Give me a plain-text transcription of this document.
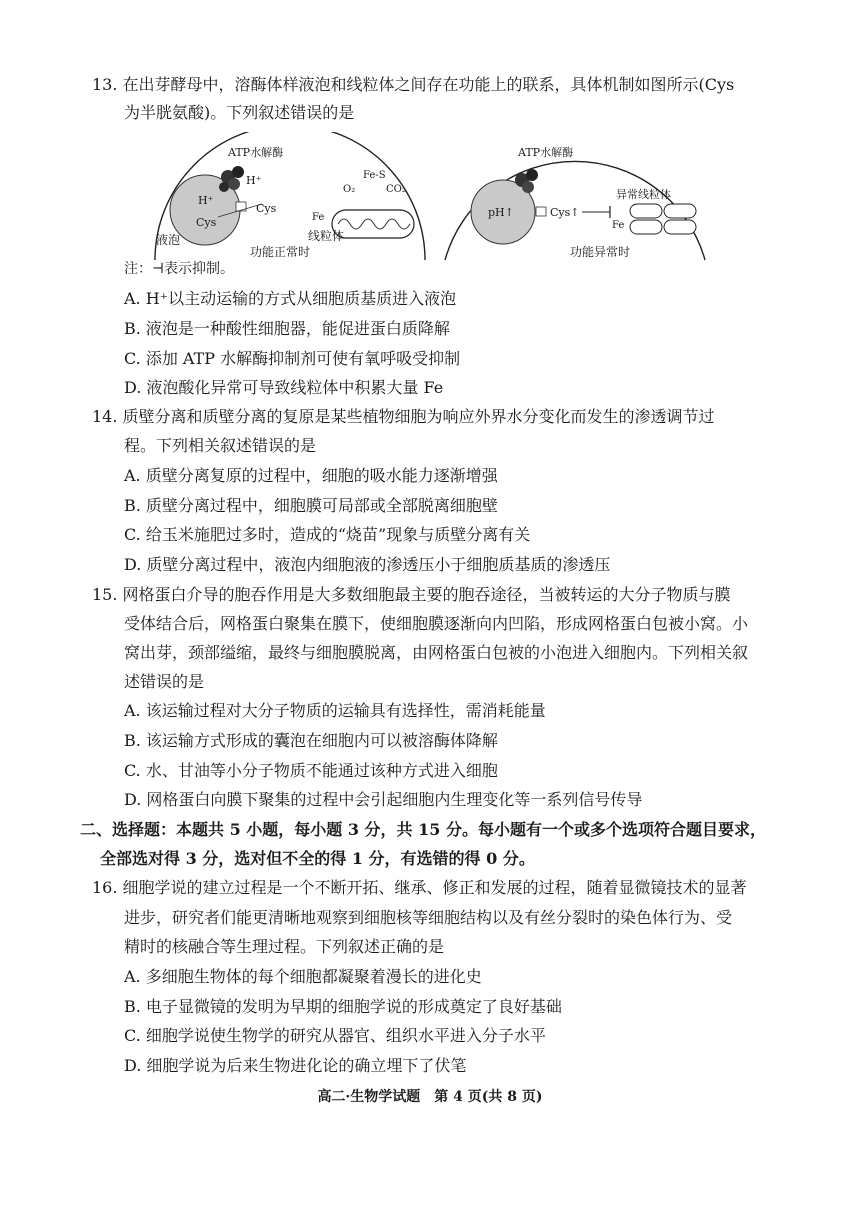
13. 在出芽酵母中，溶酶体样液泡和线粒体之间存在功能上的联系，具体机制如图所示(Cys
为半胱氨酸)。下列叙述错误的是
ATP水解酶
H⁺
H⁺
Cys
Cys
Fe
O₂
Fe-S
CO₂
液泡	线粒体
功能正常时
ATP水解酶
pH↑	Cys↑
Fe
异常线粒体
功能异常时
注：⊣表示抑制。
A. H⁺以主动运输的方式从细胞质基质进入液泡
B. 液泡是一种酸性细胞器，能促进蛋白质降解
C. 添加 ATP 水解酶抑制剂可使有氧呼吸受抑制
D. 液泡酸化异常可导致线粒体中积累大量 Fe
14. 质壁分离和质壁分离的复原是某些植物细胞为响应外界水分变化而发生的渗透调节过
程。下列相关叙述错误的是
A. 质壁分离复原的过程中，细胞的吸水能力逐渐增强
B. 质壁分离过程中，细胞膜可局部或全部脱离细胞壁
C. 给玉米施肥过多时，造成的“烧苗”现象与质壁分离有关
D. 质壁分离过程中，液泡内细胞液的渗透压小于细胞质基质的渗透压
15. 网格蛋白介导的胞吞作用是大多数细胞最主要的胞吞途径，当被转运的大分子物质与膜
受体结合后，网格蛋白聚集在膜下，使细胞膜逐渐向内凹陷，形成网格蛋白包被小窝。小
窝出芽，颈部缢缩，最终与细胞膜脱离，由网格蛋白包被的小泡进入细胞内。下列相关叙
述错误的是
A. 该运输过程对大分子物质的运输具有选择性，需消耗能量
B. 该运输方式形成的囊泡在细胞内可以被溶酶体降解
C. 水、甘油等小分子物质不能通过该种方式进入细胞
D. 网格蛋白向膜下聚集的过程中会引起细胞内生理变化等一系列信号传导
二、选择题：本题共 5 小题，每小题 3 分，共 15 分。每小题有一个或多个选项符合题目要求，
全部选对得 3 分，选对但不全的得 1 分，有选错的得 0 分。
16. 细胞学说的建立过程是一个不断开拓、继承、修正和发展的过程，随着显微镜技术的显著
进步，研究者们能更清晰地观察到细胞核等细胞结构以及有丝分裂时的染色体行为、受
精时的核融合等生理过程。下列叙述正确的是
A. 多细胞生物体的每个细胞都凝聚着漫长的进化史
B. 电子显微镜的发明为早期的细胞学说的形成奠定了良好基础
C. 细胞学说使生物学的研究从器官、组织水平进入分子水平
D. 细胞学说为后来生物进化论的确立埋下了伏笔
高二·生物学试题　第 4 页(共 8 页)
